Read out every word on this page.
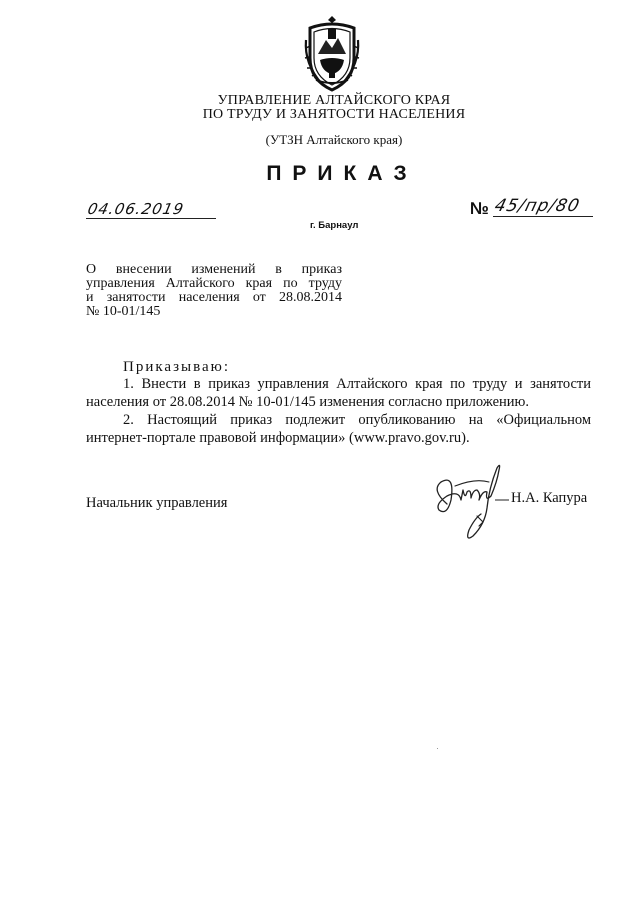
УПРАВЛЕНИЕ АЛТАЙСКОГО КРАЯ
ПО ТРУДУ И ЗАНЯТОСТИ НАСЕЛЕНИЯ
(УТЗН Алтайского края)
ПРИКАЗ
04.06.2019
г. Барнаул
№ 45/пр/80

О внесении изменений в приказ

управления Алтайского края по труду

и занятости населения от 28.08.2014

№ 10-01/145

Приказываю:

1. Внести в приказ управления Алтайского края по труду и занятости населения от 28.08.2014 № 10-01/145 изменения согласно приложению.

2. Настоящий приказ подлежит опубликованию на «Официальном интернет-портале правовой информации» (www.pravo.gov.ru).

Начальник управления	Н.А. Капура
